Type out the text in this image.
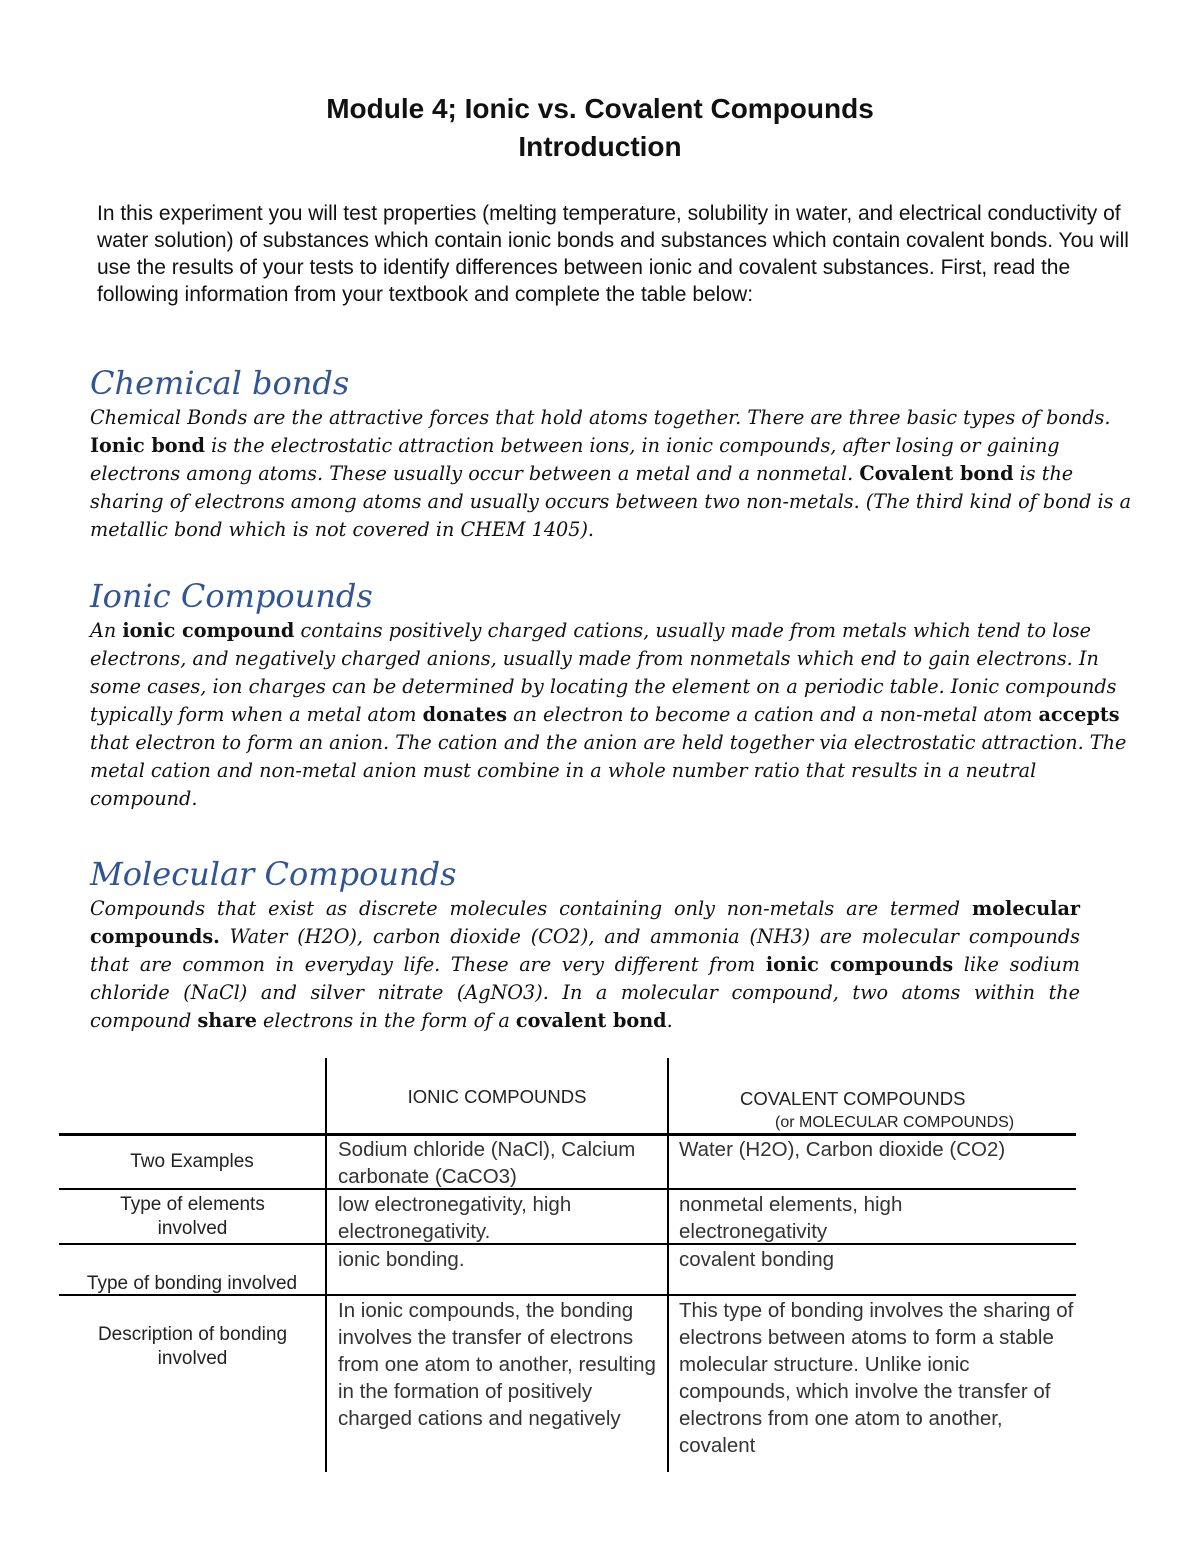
Module 4; Ionic vs. Covalent Compounds
Introduction
In this experiment you will test properties (melting temperature, solubility in water, and electrical conductivity of water solution) of substances which contain ionic bonds and substances which contain covalent bonds. You will use the results of your tests to identify differences between ionic and covalent substances. First, read the following information from your textbook and complete the table below:
Chemical bonds
Chemical Bonds are the attractive forces that hold atoms together. There are three basic types of bonds.
Ionic bond is the electrostatic attraction between ions, in ionic compounds, after losing or gaining electrons among atoms. These usually occur between a metal and a nonmetal. Covalent bond is the sharing of electrons among atoms and usually occurs between two non-metals. (The third kind of bond is a metallic bond which is not covered in CHEM 1405).
Ionic Compounds
An ionic compound contains positively charged cations, usually made from metals which tend to lose electrons, and negatively charged anions, usually made from nonmetals which end to gain electrons. In some cases, ion charges can be determined by locating the element on a periodic table. Ionic compounds typically form when a metal atom donates an electron to become a cation and a non-metal atom accepts that electron to form an anion. The cation and the anion are held together via electrostatic attraction. The metal cation and non-metal anion must combine in a whole number ratio that results in a neutral compound.
Molecular Compounds
Compounds that exist as discrete molecules containing only non-metals are termed molecular compounds. Water (H2O), carbon dioxide (CO2), and ammonia (NH3) are molecular compounds that are common in everyday life. These are very different from ionic compounds like sodium chloride (NaCl) and silver nitrate (AgNO3). In a molecular compound, two atoms within the compound share electrons in the form of a covalent bond.
IONIC COMPOUNDS	COVALENT COMPOUNDS
(or MOLECULAR COMPOUNDS)
Two Examples
Sodium chloride (NaCl), Calcium carbonate (CaCO3)
Water (H2O), Carbon dioxide (CO2)
Type of elements involved
low electronegativity, high electronegativity.
nonmetal elements, high electronegativity
Type of bonding involved
ionic bonding.	covalent bonding
Description of bonding involved
In ionic compounds, the bonding involves the transfer of electrons from one atom to another, resulting in the formation of positively charged cations and negatively
This type of bonding involves the sharing of electrons between atoms to form a stable molecular structure. Unlike ionic compounds, which involve the transfer of electrons from one atom to another, covalent
